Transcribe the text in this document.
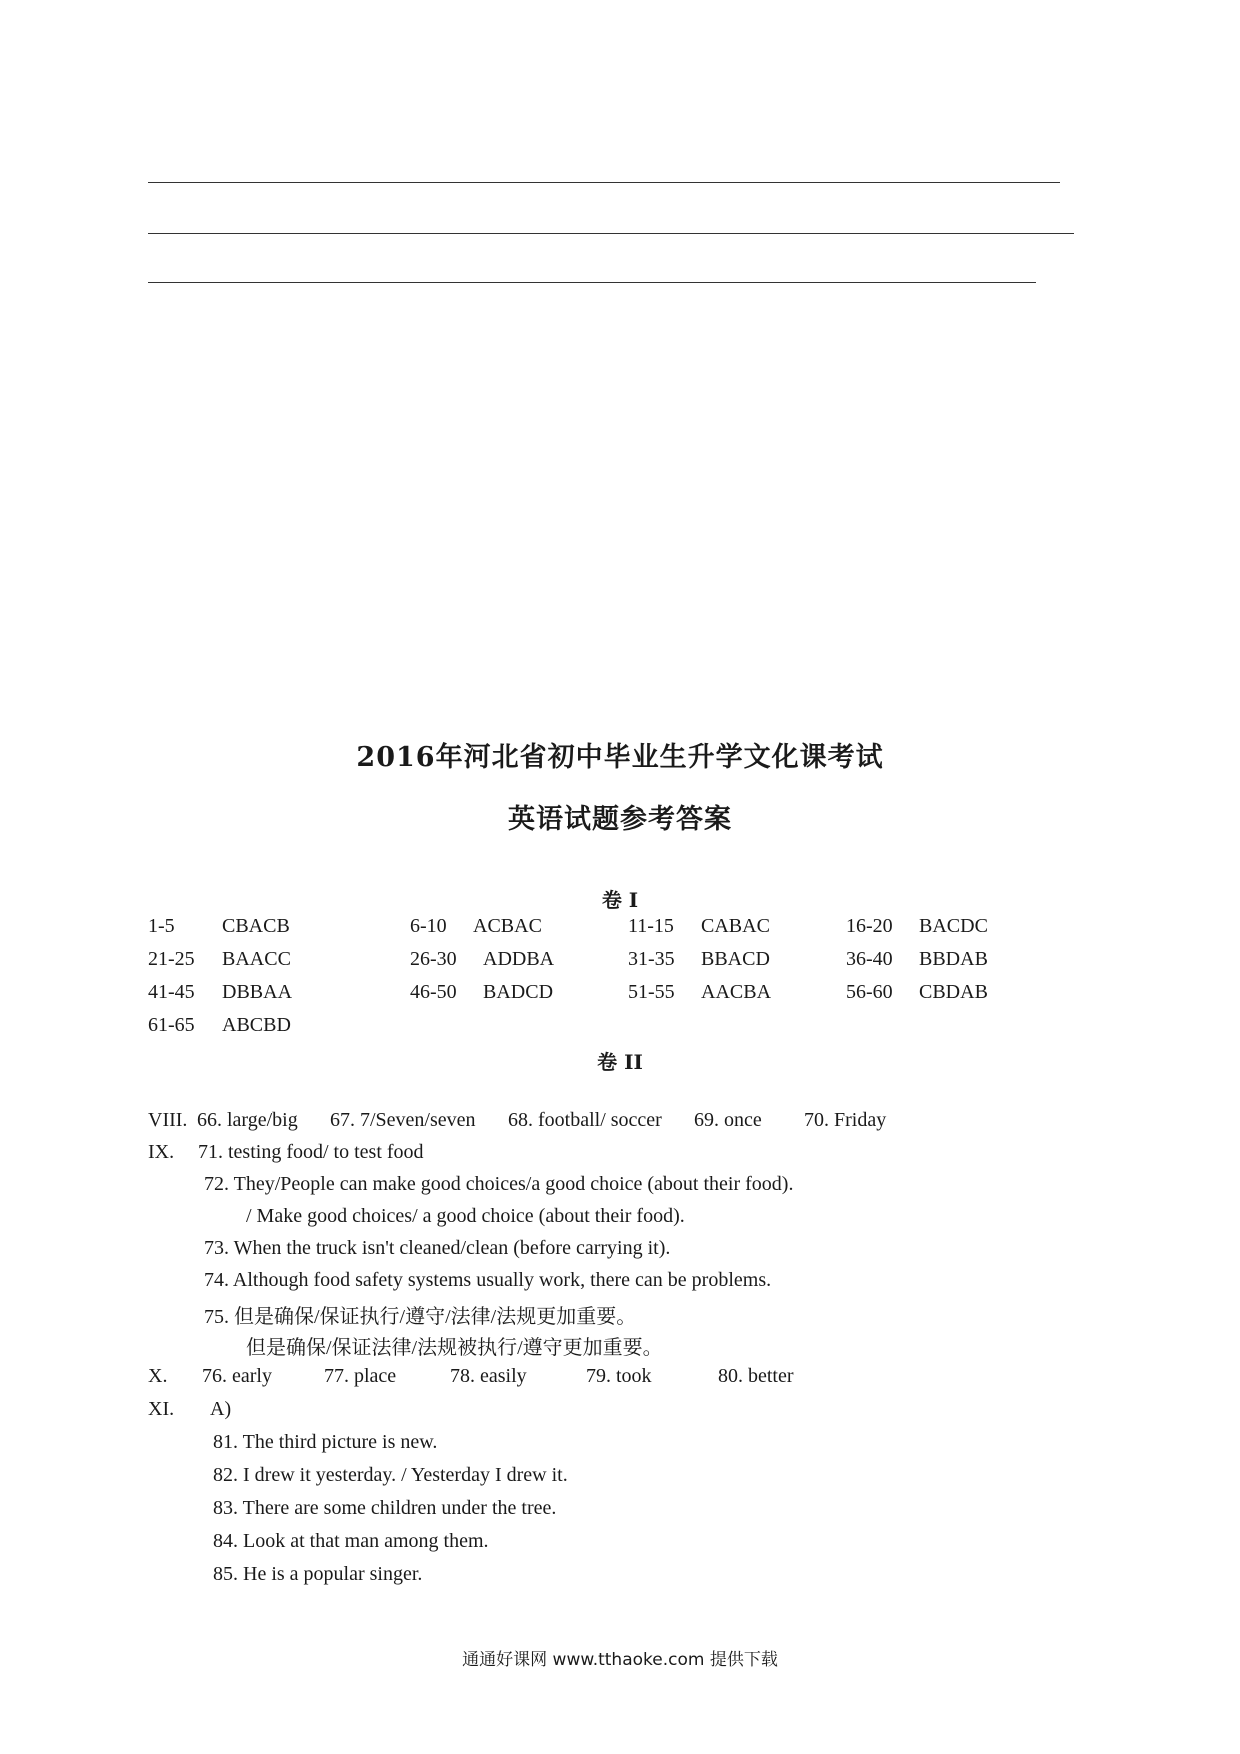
2016年河北省初中毕业生升学文化课考试
英语试题参考答案
卷 I
1-5 CBACB	6-10 ACBAC	11-15 CABAC	16-20 BACDC
21-25 BAACC	26-30 ADDBA	31-35 BBACD	36-40 BBDAB
41-45 DBBAA	46-50 BADCD	51-55 AACBA	56-60 CBDAB
61-65 ABCBD
卷 II
VIII. 66. large/big 67. 7/Seven/seven 68. football/ soccer 69. once 70. Friday
IX. 71. testing food/ to test food
72. They/People can make good choices/a good choice (about their food).
/ Make good choices/ a good choice (about their food).
73. When the truck isn't cleaned/clean (before carrying it).
74. Although food safety systems usually work, there can be problems.
75. 但是确保/保证执行/遵守/法律/法规更加重要。
但是确保/保证法律/法规被执行/遵守更加重要。
X. 76. early	77. place	78. easily	79. took	80. better
XI. A)
81. The third picture is new.
82. I drew it yesterday. / Yesterday I drew it.
83. There are some children under the tree.
84. Look at that man among them.
85. He is a popular singer.
通通好课网 www.tthaoke.com 提供下载
